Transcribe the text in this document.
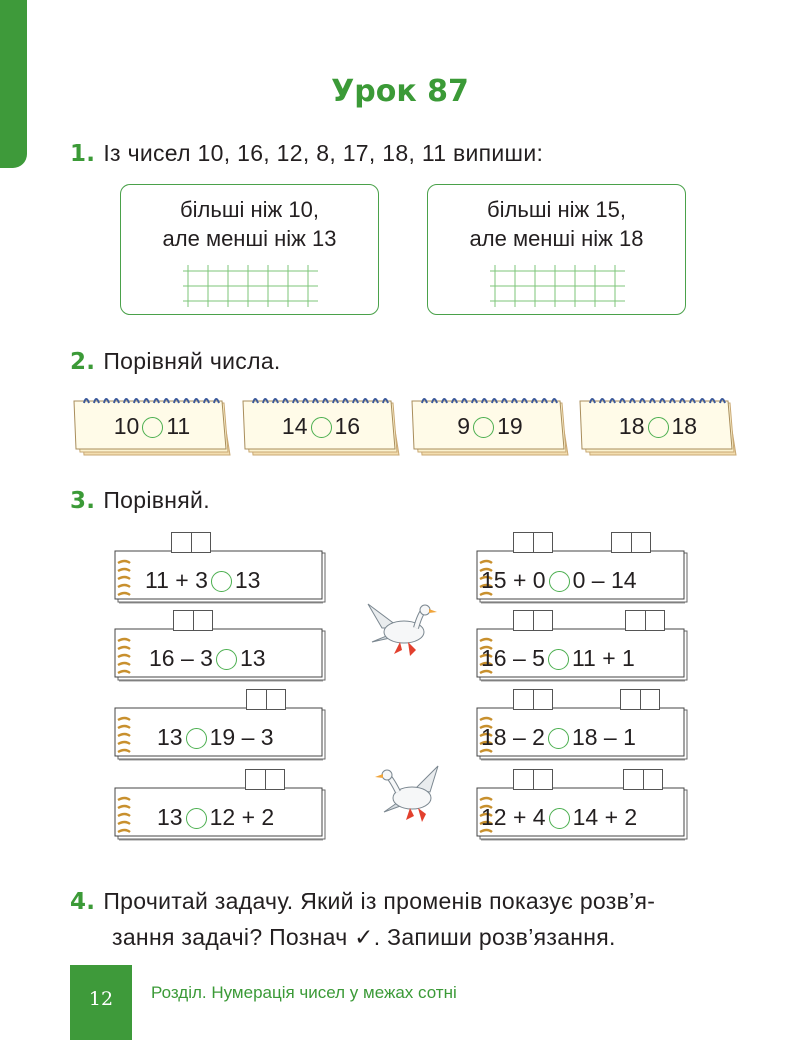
Урок 87
1. Із чисел 10, 16, 12, 8, 17, 18, 11 випиши:
більші ніж 10,
але менші ніж 13
більші ніж 15,
але менші ніж 18
2. Порівняй числа.
10 11	14 16	9 19	18 18
3. Порівняй.
11 + 3 13
16 – 3 13
13 19 – 3
13 12 + 2
15 + 0 0 – 14
16 – 5 11 + 1
18 – 2 18 – 1
12 + 4 14 + 2
4. Прочитай задачу. Який із променів показує розв’я-
зання задачі? Познач ✓. Запиши розв’язання.
12	Розділ. Нумерація чисел у межах сотні
